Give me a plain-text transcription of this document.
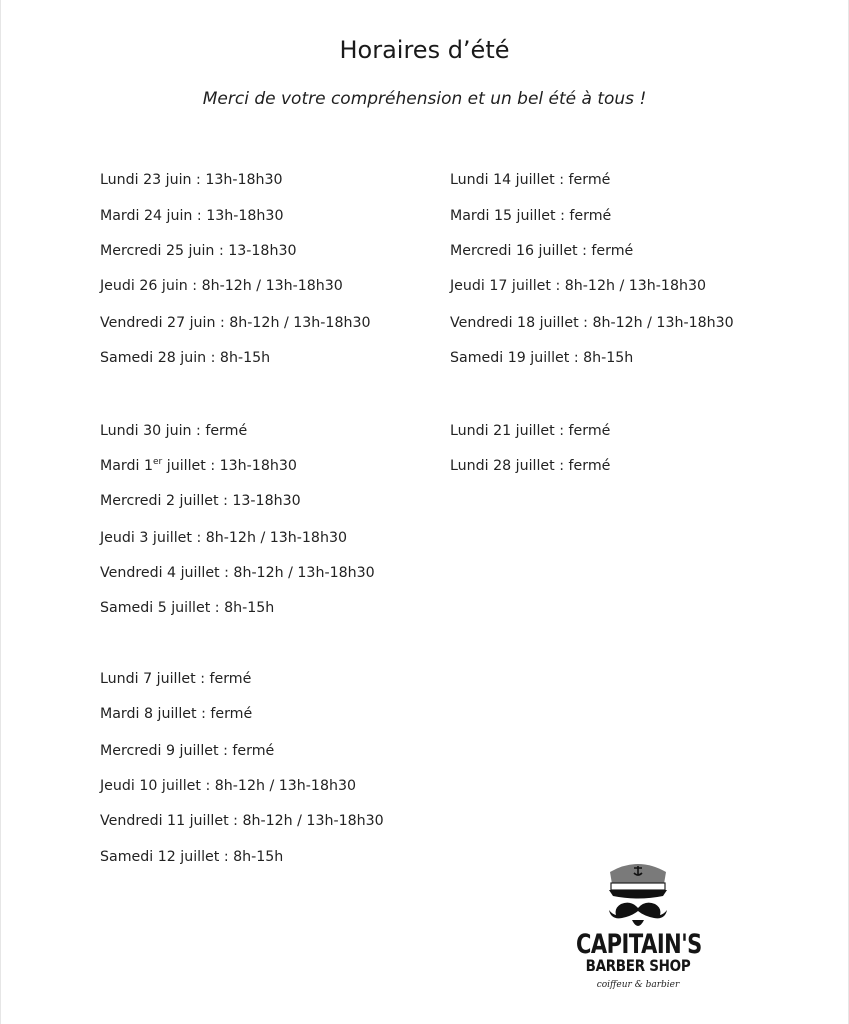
Horaires d’été
Merci de votre compréhension et un bel été à tous !
Lundi 23 juin : 13h-18h30
Mardi 24 juin : 13h-18h30
Mercredi 25 juin : 13-18h30
Jeudi 26 juin : 8h-12h / 13h-18h30
Vendredi 27 juin : 8h-12h / 13h-18h30
Samedi 28 juin : 8h-15h
Lundi 30 juin : fermé
Mardi 1er juillet : 13h-18h30
Mercredi 2 juillet : 13-18h30
Jeudi 3 juillet : 8h-12h / 13h-18h30
Vendredi 4 juillet : 8h-12h / 13h-18h30
Samedi 5 juillet : 8h-15h
Lundi 7 juillet : fermé
Mardi 8 juillet : fermé
Mercredi 9 juillet : fermé
Jeudi 10 juillet : 8h-12h / 13h-18h30
Vendredi 11 juillet : 8h-12h / 13h-18h30
Samedi 12 juillet : 8h-15h
Lundi 14 juillet : fermé
Mardi 15 juillet : fermé
Mercredi 16 juillet : fermé
Jeudi 17 juillet : 8h-12h / 13h-18h30
Vendredi 18 juillet : 8h-12h / 13h-18h30
Samedi 19 juillet : 8h-15h
Lundi 21 juillet : fermé
Lundi 28 juillet : fermé
CAPITAIN'S
BARBER SHOP
coiffeur & barbier
